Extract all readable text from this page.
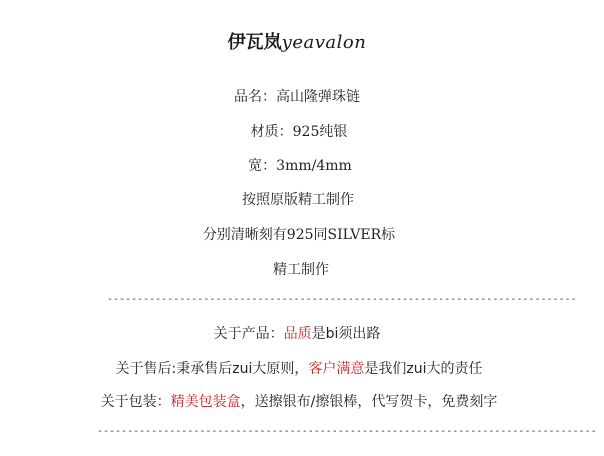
伊瓦岚yeavalon
品名：高山隆弹珠链
材质：925纯银
宽：3mm/4mm
按照原版精工制作
分别清晰刻有925同SILVER标
精工制作
------------------------------------------------------------------------------
关于产品：品质是bi须出路
关于售后:秉承售后zui大原则，客户满意是我们zui大的责任
关于包装：精美包装盒，送擦银布/擦银棒，代写贺卡，免费刻字
-----------------------------------------------------------------------------------
